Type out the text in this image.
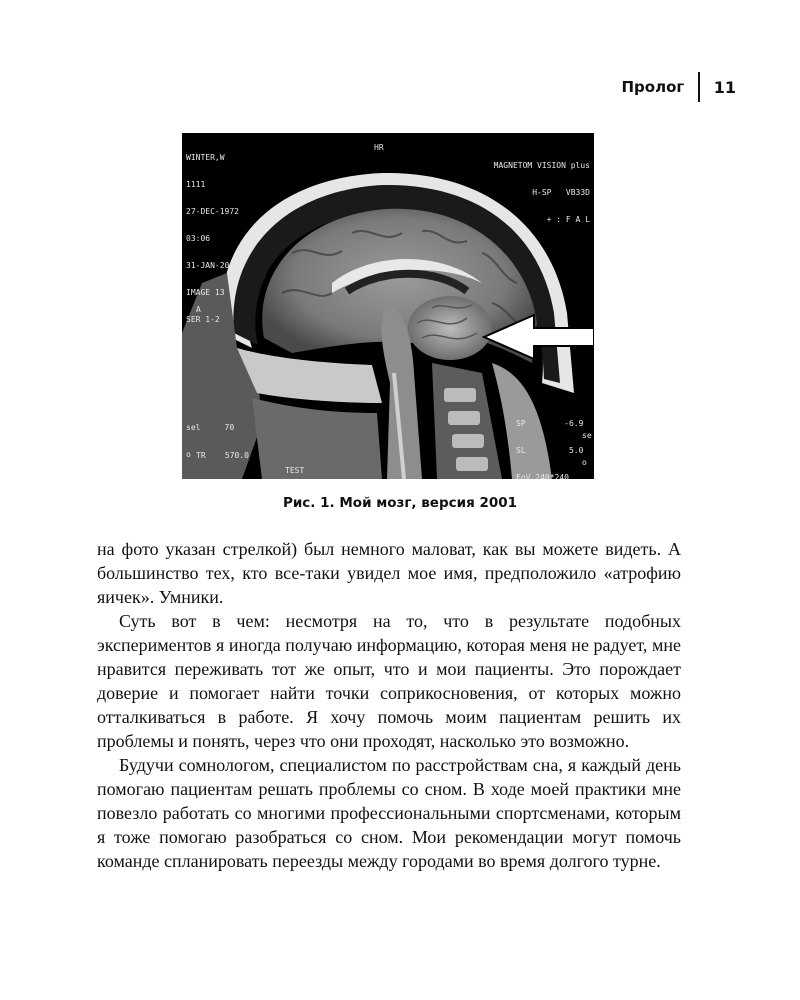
Пролог	11

WINTER,W

1111

27-DEC-1972

03:06

31-JAN-2001

IMAGE 13

SER 1-2

HR

MAGNETOM VISION plus

H-SP   VB33D

+ : F A L

A

sel     70

o

TR    570.0

TEST

SP        -6.9

SL         5.0

FoV 240*240

se

o

Рис. 1. Мой мозг, версия 2001

на фото указан стрелкой) был немного маловат, как вы можете видеть. А большинство тех, кто все-таки увидел мое имя, предположило «атрофию яичек». Умники.

Суть вот в чем: несмотря на то, что в результате подобных экспериментов я иногда получаю информацию, которая меня не радует, мне нравится переживать тот же опыт, что и мои пациенты. Это порождает доверие и помогает найти точки соприкосновения, от которых можно отталкиваться в работе. Я хочу помочь моим пациентам решить их проблемы и понять, через что они проходят, насколько это возможно.

Будучи сомнологом, специалистом по расстройствам сна, я каждый день помогаю пациентам решать проблемы со сном. В ходе моей практики мне повезло работать со многими профессиональными спортсменами, которым я тоже помогаю разобраться со сном. Мои рекомендации могут помочь команде спланировать переезды между городами во время долгого турне.
